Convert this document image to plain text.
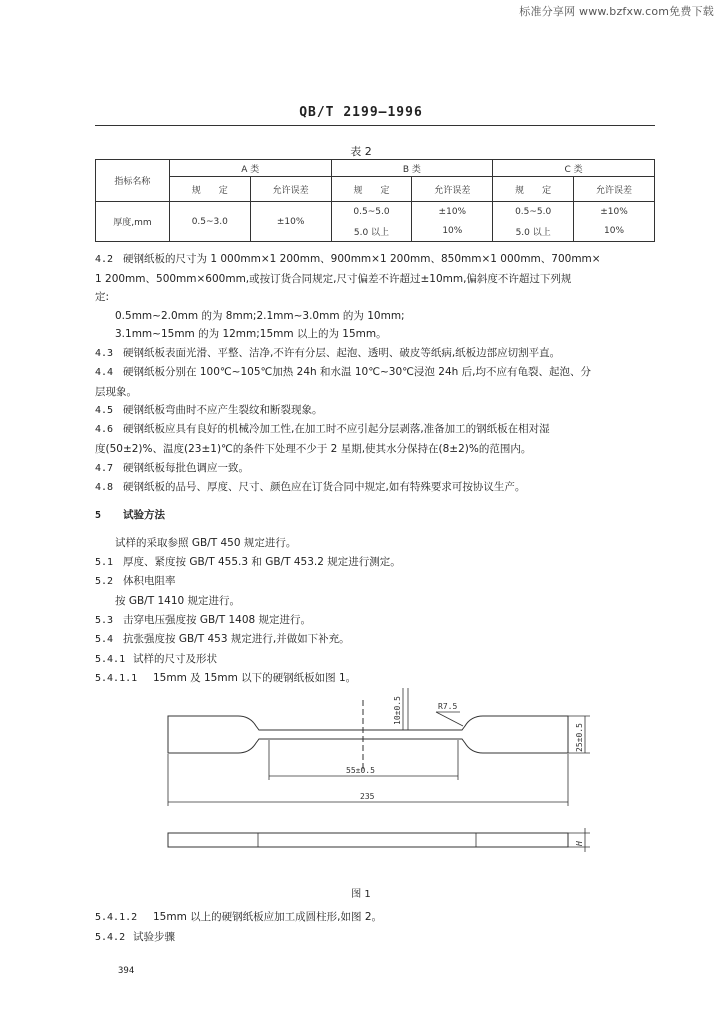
标准分享网 www.bzfxw.com免费下载
QB/T 2199—1996
表 2
指标名称	A 类		B 类		C 类	
	规　　定	允许误差	规　　定	允许误差	规　　定	允许误差
厚度,mm	0.5~3.0	±10%	0.5~5.0	±10%	0.5~5.0	±10%
			5.0 以上	10%	5.0 以上	10%
4.2 硬钢纸板的尺寸为 1 000mm×1 200mm、900mm×1 200mm、850mm×1 000mm、700mm×
1 200mm、500mm×600mm,或按订货合同规定,尺寸偏差不许超过±10mm,偏斜度不许超过下列规
定:
0.5mm~2.0mm 的为 8mm;2.1mm~3.0mm 的为 10mm;
3.1mm~15mm 的为 12mm;15mm 以上的为 15mm。
4.3 硬钢纸板表面光滑、平整、洁净,不许有分层、起泡、透明、破皮等纸病,纸板边部应切割平直。
4.4 硬钢纸板分别在 100℃~105℃加热 24h 和水温 10℃~30℃浸泡 24h 后,均不应有龟裂、起泡、分
层现象。
4.5 硬钢纸板弯曲时不应产生裂纹和断裂现象。
4.6 硬钢纸板应具有良好的机械冷加工性,在加工时不应引起分层剥落,准备加工的钢纸板在相对湿
度(50±2)%、温度(23±1)℃的条件下处理不少于 2 星期,使其水分保持在(8±2)%的范围内。
4.7 硬钢纸板每批色调应一致。
4.8 硬钢纸板的品号、厚度、尺寸、颜色应在订货合同中规定,如有特殊要求可按协议生产。
5 试验方法
试样的采取参照 GB/T 450 规定进行。
5.1 厚度、紧度按 GB/T 455.3 和 GB/T 453.2 规定进行测定。
5.2 体积电阻率
按 GB/T 1410 规定进行。
5.3 击穿电压强度按 GB/T 1408 规定进行。
5.4 抗张强度按 GB/T 453 规定进行,并做如下补充。
5.4.1 试样的尺寸及形状
5.4.1.1 15mm 及 15mm 以下的硬钢纸板如图 1。
10±0.5	R7.5
25±0.5
55±0.5
235
H
图 1
5.4.1.2 15mm 以上的硬钢纸板应加工成圆柱形,如图 2。
5.4.2 试验步骤
394
